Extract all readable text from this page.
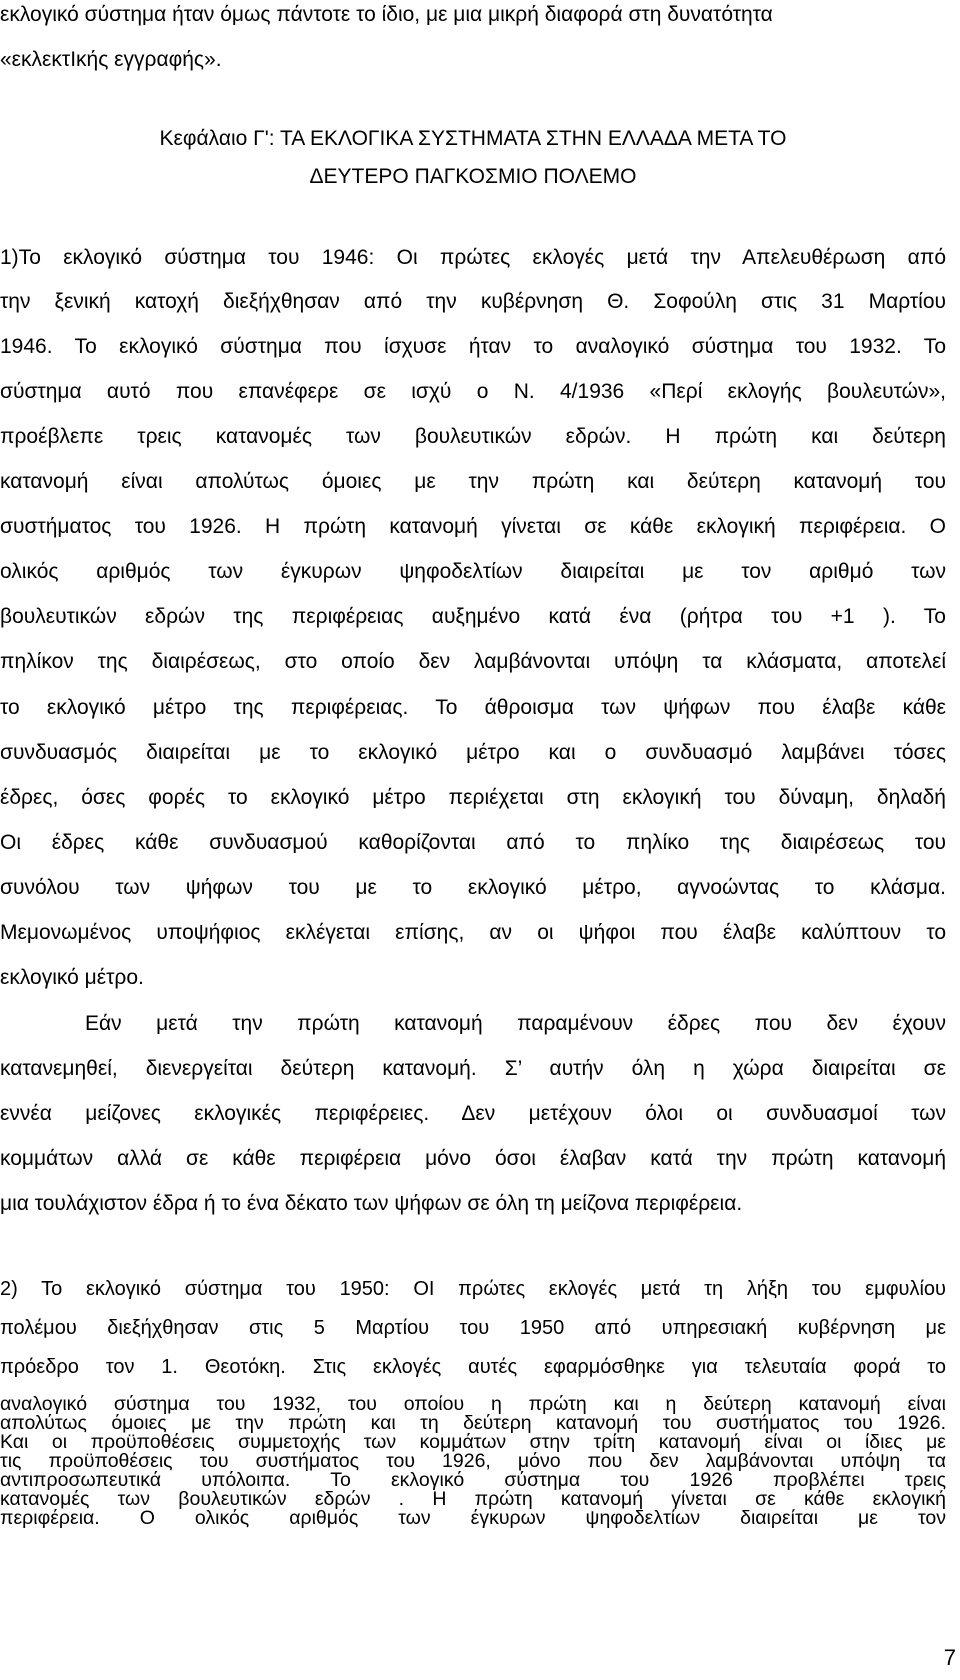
εκλογικό σύστημα ήταν όμως πάντοτε το ίδιο, με μια μικρή διαφορά στη δυνατότητα
«εκλεκτΙκής εγγραφής».
Κεφάλαιο Γ': ΤΑ ΕΚΛΟΓΙΚΑ ΣΥΣΤΗΜΑΤΑ ΣΤΗΝ ΕΛΛΑΔΑ ΜΕΤΑ ΤΟ
ΔΕΥΤΕΡΟ ΠΑΓΚΟΣΜΙΟ ΠΟΛΕΜΟ
1)Το εκλογικό σύστημα του 1946: Οι πρώτες εκλογές μετά την Απελευθέρωση από
την ξενική κατοχή διεξήχθησαν από την κυβέρνηση Θ. Σοφούλη στις 31 Μαρτίου
1946. Το εκλογικό σύστημα που ίσχυσε ήταν το αναλογικό σύστημα του 1932. Το
σύστημα αυτό που επανέφερε σε ισχύ ο Ν. 4/1936 «Περί εκλογής βουλευτών»,
προέβλεπε τρεις κατανομές των βουλευτικών εδρών. Η πρώτη και δεύτερη
κατανομή είναι απολύτως όμοιες με την πρώτη και δεύτερη κατανομή του
συστήματος του 1926. Η πρώτη κατανομή γίνεται σε κάθε εκλογική περιφέρεια. Ο
ολικός αριθμός των έγκυρων ψηφοδελτίων διαιρείται με τον αριθμό των
βουλευτικών εδρών της περιφέρειας αυξημένο κατά ένα (ρήτρα του +1 ). Το
πηλίκον της διαιρέσεως, στο οποίο δεν λαμβάνονται υπόψη τα κλάσματα, αποτελεί
το εκλογικό μέτρο της περιφέρειας. Το άθροισμα των ψήφων που έλαβε κάθε
συνδυασμός διαιρείται με το εκλογικό μέτρο και ο συνδυασμό λαμβάνει τόσες
έδρες, όσες φορές το εκλογικό μέτρο περιέχεται στη εκλογική του δύναμη, δηλαδή
Οι έδρες κάθε συνδυασμού καθορίζονται από το πηλίκο της διαιρέσεως του
συνόλου των ψήφων του με το εκλογικό μέτρο, αγνοώντας το κλάσμα.
Μεμονωμένος υποψήφιος εκλέγεται επίσης, αν οι ψήφοι που έλαβε καλύπτουν το
εκλογικό μέτρο.
Εάν μετά την πρώτη κατανομή παραμένουν έδρες που δεν έχουν
κατανεμηθεί, διενεργείται δεύτερη κατανομή. Σ’ αυτήν όλη η χώρα διαιρείται σε
εννέα μείζονες εκλογικές περιφέρειες. Δεν μετέχουν όλοι οι συνδυασμοί των
κομμάτων αλλά σε κάθε περιφέρεια μόνο όσοι έλαβαν κατά την πρώτη κατανομή
μια τουλάχιστον έδρα ή το ένα δέκατο των ψήφων σε όλη τη μείζονα περιφέρεια.
2) Το εκλογικό σύστημα του 1950: ΟΙ πρώτες εκλογές μετά τη λήξη του εμφυλίου
πολέμου διεξήχθησαν στις 5 Μαρτίου του 1950 από υπηρεσιακή κυβέρνηση με
πρόεδρο τον 1. Θεοτόκη. Στις εκλογές αυτές εφαρμόσθηκε για τελευταία φορά το
αναλογικό σύστημα του 1932, του οποίου η πρώτη και η δεύτερη κατανομή είναι
απολύτως όμοιες με την πρώτη και τη δεύτερη κατανομή του συστήματος του 1926.
Και οι προϋποθέσεις συμμετοχής των κομμάτων στην τρίτη κατανομή είναι οι ίδιες με
τις προϋποθέσεις του συστήματος του 1926, μόνο που δεν λαμβάνονται υπόψη τα
αντιπροσωπευτικά υπόλοιπα. Το εκλογικό σύστημα του 1926 προβλέπει τρεις
κατανομές των βουλευτικών εδρών . Η πρώτη κατανομή γίνεται σε κάθε εκλογική
περιφέρεια. Ο ολικός αριθμός των έγκυρων ψηφοδελτίων διαιρείται με τον
7
